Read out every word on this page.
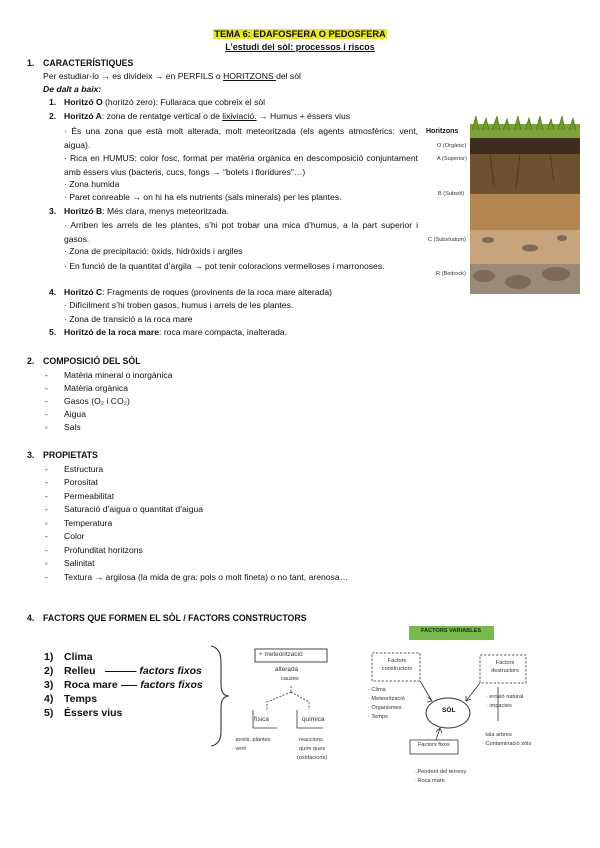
TEMA 6: EDAFOSFERA O PEDOSFERA
L’estudi del sòl: processos i riscos
1. CARACTERÍSTIQUES
Per estudiar-lo → es divideix → en PERFILS o HORITZONS del sòl
De dalt a baix:
1. Horitzó O (horitzó zero): Fullaraca que cobreix el sòl
2. Horitzó A: zona de rentatge vertical o de lixiviació. → Humus + éssers vius
· És una zona que està molt alterada, molt meteoritzada (els agents atmosfèrics: vent, aigua).
· Rica en HUMUS: color fosc, format per matèria orgànica en descomposició conjuntament amb éssers vius (bacteris, cucs, fongs → “bolets i floridures”…)
· Zona humida
· Paret conreable → on hi ha els nutrients (sals minerals) per les plantes.
3. Horitzó B: Més clara, menys meteoritzada.
· Arriben les arrels de les plantes, s’hi pot trobar una mica d’humus, a la part superior i gasos.
· Zona de precipitació: òxids, hidròxids i argiles
· En funció de la quantitat d’argila → pot tenir coloracions vermelloses i marronoses.
4. Horitzó C: Fragments de roques (provinents de la roca mare alterada)
· Difícilment s’hi troben gasos, humus i arrels de les plantes.
· Zona de transició a la roca mare
5. Horitzó de la roca mare: roca mare compacta, inalterada.
Horitzons
O (Orgànic)
A (Superior)
B (Subsòl)
C (Substratum)
R (Bedrock)
2. COMPOSICIÓ DEL SÒL
- Matèria mineral o inorgànica
- Matèria orgànica
- Gasos (O₂ i CO₂)
- Aigua
- Sals
3. PROPIETATS
- Estructura
- Porositat
- Permeabilitat
- Saturació d’aigua o quantitat d’aigua
- Temperatura
- Color
- Profunditat horitzons
- Salinitat
- Textura → argilosa (la mida de gra: pols o molt fineta) o no tant, arenosa…
4. FACTORS QUE FORMEN EL SÒL / FACTORS CONSTRUCTORS
1) Clima
2) Relleu ——— factors fixos
3) Roca mare —– factors fixos
4) Temps
5) Éssers vius
+ meteorització
alterada
causes
física	química
· arrels, plantes
· vent
reaccions
quím ques
(oxidacions)
FACTORS VARIABLES
SÒL
Factors constructors
· Clima
· Meteorització
· Organismes
· Temps
Factors destructors
· erosió natural
· impactes
· tala arbres
· Contaminació sòls
Factors fixos
· Pendent del terreny
· Roca mare
